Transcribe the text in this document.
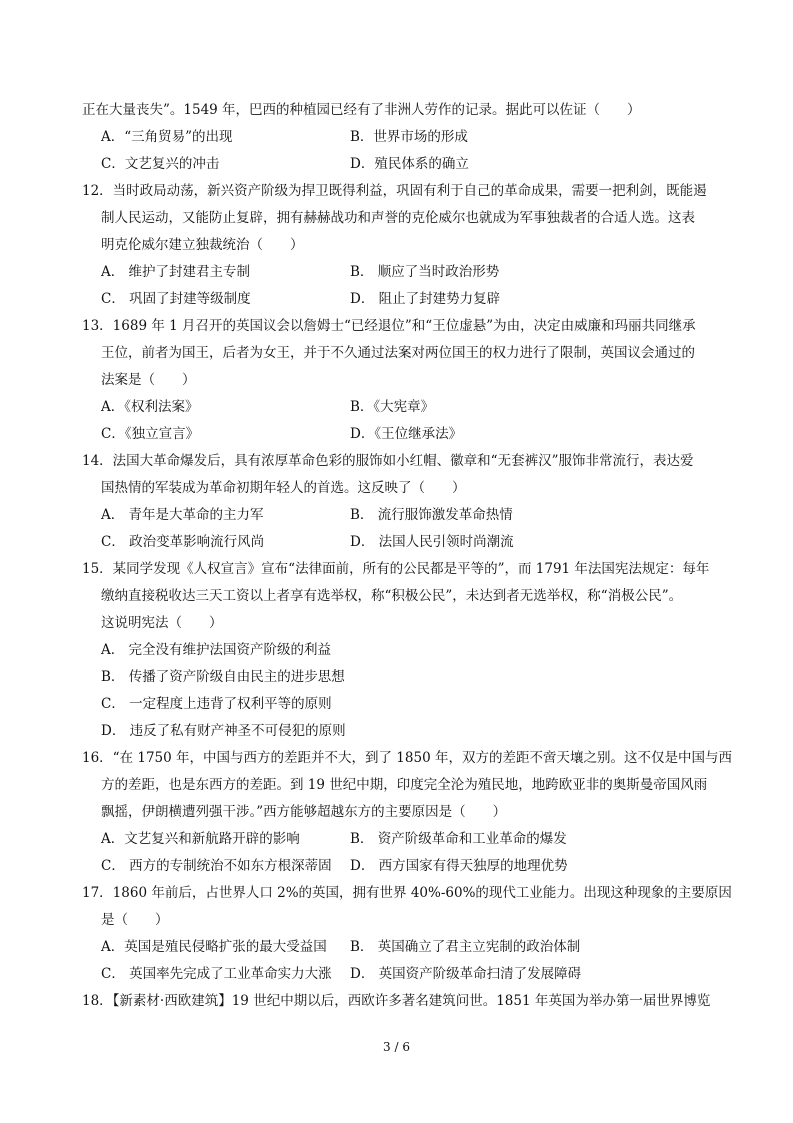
正在大量丧失”。1549 年，巴西的种植园已经有了非洲人劳作的记录。据此可以佐证（　　）
A．“三角贸易”的出现	B．世界市场的形成
C．文艺复兴的冲击	D．殖民体系的确立
12．当时政局动荡，新兴资产阶级为捍卫既得利益，巩固有利于自己的革命成果，需要一把利剑，既能遏
制人民运动，又能防止复辟，拥有赫赫战功和声誉的克伦威尔也就成为军事独裁者的合适人选。这表
明克伦威尔建立独裁统治（　　）
A． 维护了封建君主专制	B． 顺应了当时政治形势
C． 巩固了封建等级制度	D． 阻止了封建势力复辟
13．1689 年 1 月召开的英国议会以詹姆士“已经退位”和“王位虚悬”为由，决定由威廉和玛丽共同继承
王位，前者为国王，后者为女王，并于不久通过法案对两位国王的权力进行了限制，英国议会通过的
法案是（　　）
A．《权利法案》	B．《大宪章》
C．《独立宣言》	D．《王位继承法》
14．法国大革命爆发后，具有浓厚革命色彩的服饰如小红帽、徽章和“无套裤汉”服饰非常流行，表达爱
国热情的军装成为革命初期年轻人的首选。这反映了（　　）
A． 青年是大革命的主力军	B． 流行服饰激发革命热情
C． 政治变革影响流行风尚	D． 法国人民引领时尚潮流
15．某同学发现《人权宣言》宣布“法律面前，所有的公民都是平等的”，而 1791 年法国宪法规定：每年
缴纳直接税收达三天工资以上者享有选举权，称“积极公民”，未达到者无选举权，称“消极公民”。
这说明宪法（　　）
A． 完全没有维护法国资产阶级的利益
B． 传播了资产阶级自由民主的进步思想
C． 一定程度上违背了权利平等的原则
D． 违反了私有财产神圣不可侵犯的原则
16．“在 1750 年，中国与西方的差距并不大，到了 1850 年，双方的差距不啻天壤之别。这不仅是中国与西
方的差距，也是东西方的差距。到 19 世纪中期，印度完全沦为殖民地，地跨欧亚非的奥斯曼帝国风雨
飘摇，伊朗横遭列强干涉。”西方能够超越东方的主要原因是（　　）
A．文艺复兴和新航路开辟的影响	B． 资产阶级革命和工业革命的爆发
C． 西方的专制统治不如东方根深蒂固	D． 西方国家有得天独厚的地理优势
17．1860 年前后，占世界人口 2%的英国，拥有世界 40%-60%的现代工业能力。出现这种现象的主要原因
是（　　）
A．英国是殖民侵略扩张的最大受益国	B． 英国确立了君主立宪制的政治体制
C． 英国率先完成了工业革命实力大涨	D． 英国资产阶级革命扫清了发展障碍
18．【新素材·西欧建筑】19 世纪中期以后，西欧许多著名建筑问世。1851 年英国为举办第一届世界博览
3 / 6
